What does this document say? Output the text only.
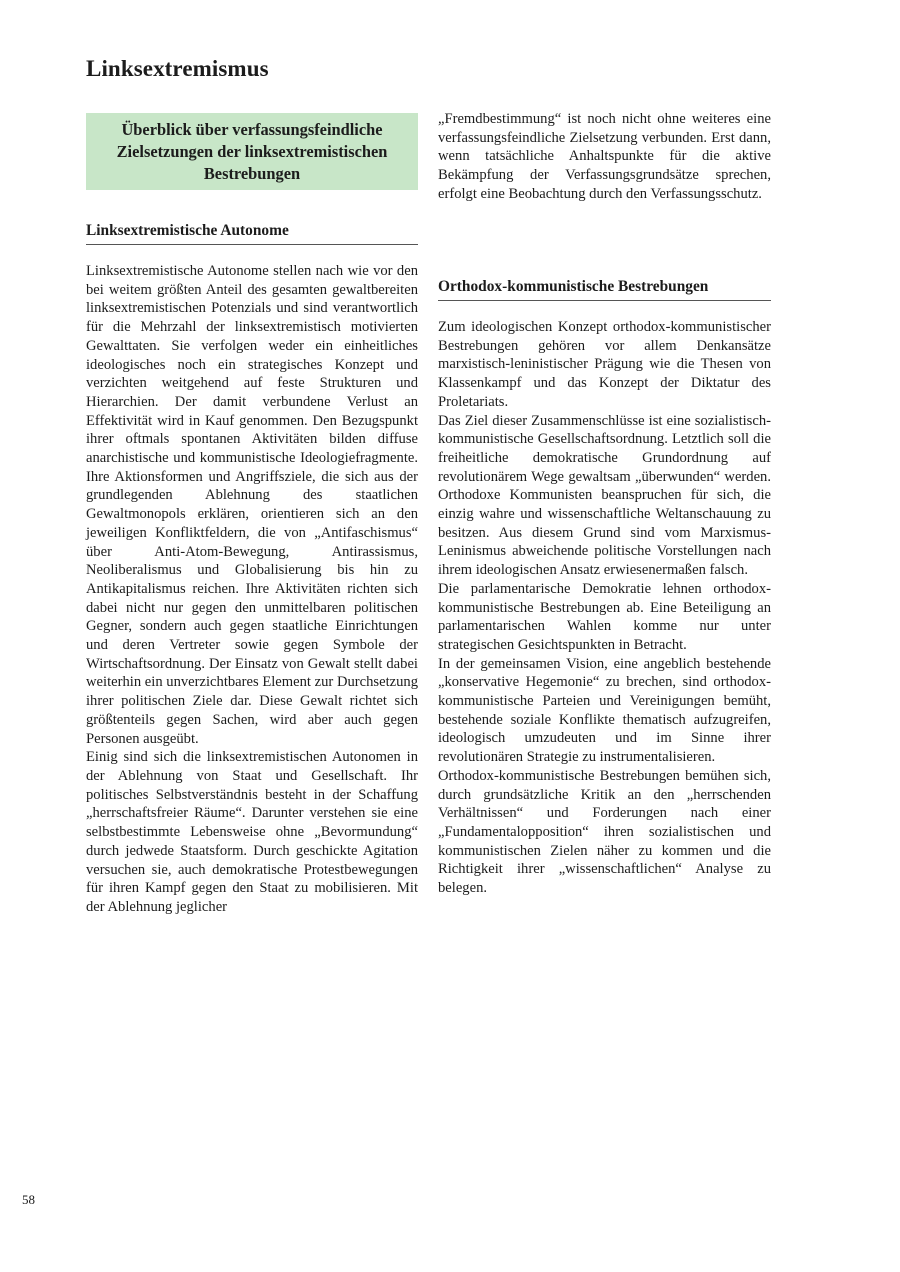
Linksextremismus
Überblick über verfassungsfeindliche Zielsetzungen der linksextremistischen Bestrebungen
Linksextremistische Autonome

Linksextremistische Autonome stellen nach wie vor den bei weitem größten Anteil des gesamten gewaltbereiten linksextremistischen Potenzials und sind verantwortlich für die Mehrzahl der linksextremistisch motivierten Gewalttaten. Sie verfolgen weder ein einheitliches ideologisches noch ein strategisches Konzept und verzichten weitgehend auf feste Strukturen und Hierarchien. Der damit verbundene Verlust an Effektivität wird in Kauf genommen. Den Bezugspunkt ihrer oftmals spontanen Aktivitäten bilden diffuse anarchistische und kommunistische Ideologiefragmente. Ihre Aktionsformen und Angriffsziele, die sich aus der grundlegenden Ablehnung des staatlichen Gewaltmonopols erklären, orientieren sich an den jeweiligen Konfliktfeldern, die von „Antifaschismus“ über Anti-Atom-Bewegung, Antirassismus, Neoliberalismus und Globalisierung bis hin zu Antikapitalismus reichen. Ihre Aktivitäten richten sich dabei nicht nur gegen den unmittelbaren politischen Gegner, sondern auch gegen staatliche Einrichtungen und deren Vertreter sowie gegen Symbole der Wirtschaftsordnung. Der Einsatz von Gewalt stellt dabei weiterhin ein unverzichtbares Element zur Durchsetzung ihrer politischen Ziele dar. Diese Gewalt richtet sich größtenteils gegen Sachen, wird aber auch gegen Personen ausgeübt.

Einig sind sich die linksextremistischen Autonomen in der Ablehnung von Staat und Gesellschaft. Ihr politisches Selbstverständnis besteht in der Schaffung „herrschaftsfreier Räume“. Darunter verstehen sie eine selbstbestimmte Lebensweise ohne „Bevormundung“ durch jedwede Staatsform. Durch geschickte Agitation versuchen sie, auch demokratische Protestbewegungen für ihren Kampf gegen den Staat zu mobilisieren. Mit der Ablehnung jeglicher

„Fremdbestimmung“ ist noch nicht ohne weiteres eine verfassungsfeindliche Zielsetzung verbunden. Erst dann, wenn tatsächliche Anhaltspunkte für die aktive Bekämpfung der Verfassungsgrundsätze sprechen, erfolgt eine Beobachtung durch den Verfassungsschutz.

Orthodox-kommunistische Bestrebungen

Zum ideologischen Konzept orthodox-kommunistischer Bestrebungen gehören vor allem Denkansätze marxistisch-leninistischer Prägung wie die Thesen von Klassenkampf und das Konzept der Diktatur des Proletariats.

Das Ziel dieser Zusammenschlüsse ist eine sozialistisch-kommunistische Gesellschaftsordnung. Letztlich soll die freiheitliche demokratische Grundordnung auf revolutionärem Wege gewaltsam „überwunden“ werden. Orthodoxe Kommunisten beanspruchen für sich, die einzig wahre und wissenschaftliche Weltanschauung zu besitzen. Aus diesem Grund sind vom Marxismus-Leninismus abweichende politische Vorstellungen nach ihrem ideologischen Ansatz erwiesenermaßen falsch.

Die parlamentarische Demokratie lehnen orthodox-kommunistische Bestrebungen ab. Eine Beteiligung an parlamentarischen Wahlen komme nur unter strategischen Gesichtspunkten in Betracht.

In der gemeinsamen Vision, eine angeblich bestehende „konservative Hegemonie“ zu brechen, sind orthodox-kommunistische Parteien und Vereinigungen bemüht, bestehende soziale Konflikte thematisch aufzugreifen, ideologisch umzudeuten und im Sinne ihrer revolutionären Strategie zu instrumentalisieren.

Orthodox-kommunistische Bestrebungen bemühen sich, durch grundsätzliche Kritik an den „herrschenden Verhältnissen“ und Forderungen nach einer „Fundamentalopposition“ ihren sozialistischen und kommunistischen Zielen näher zu kommen und die Richtigkeit ihrer „wissenschaftlichen“ Analyse zu belegen.

58
